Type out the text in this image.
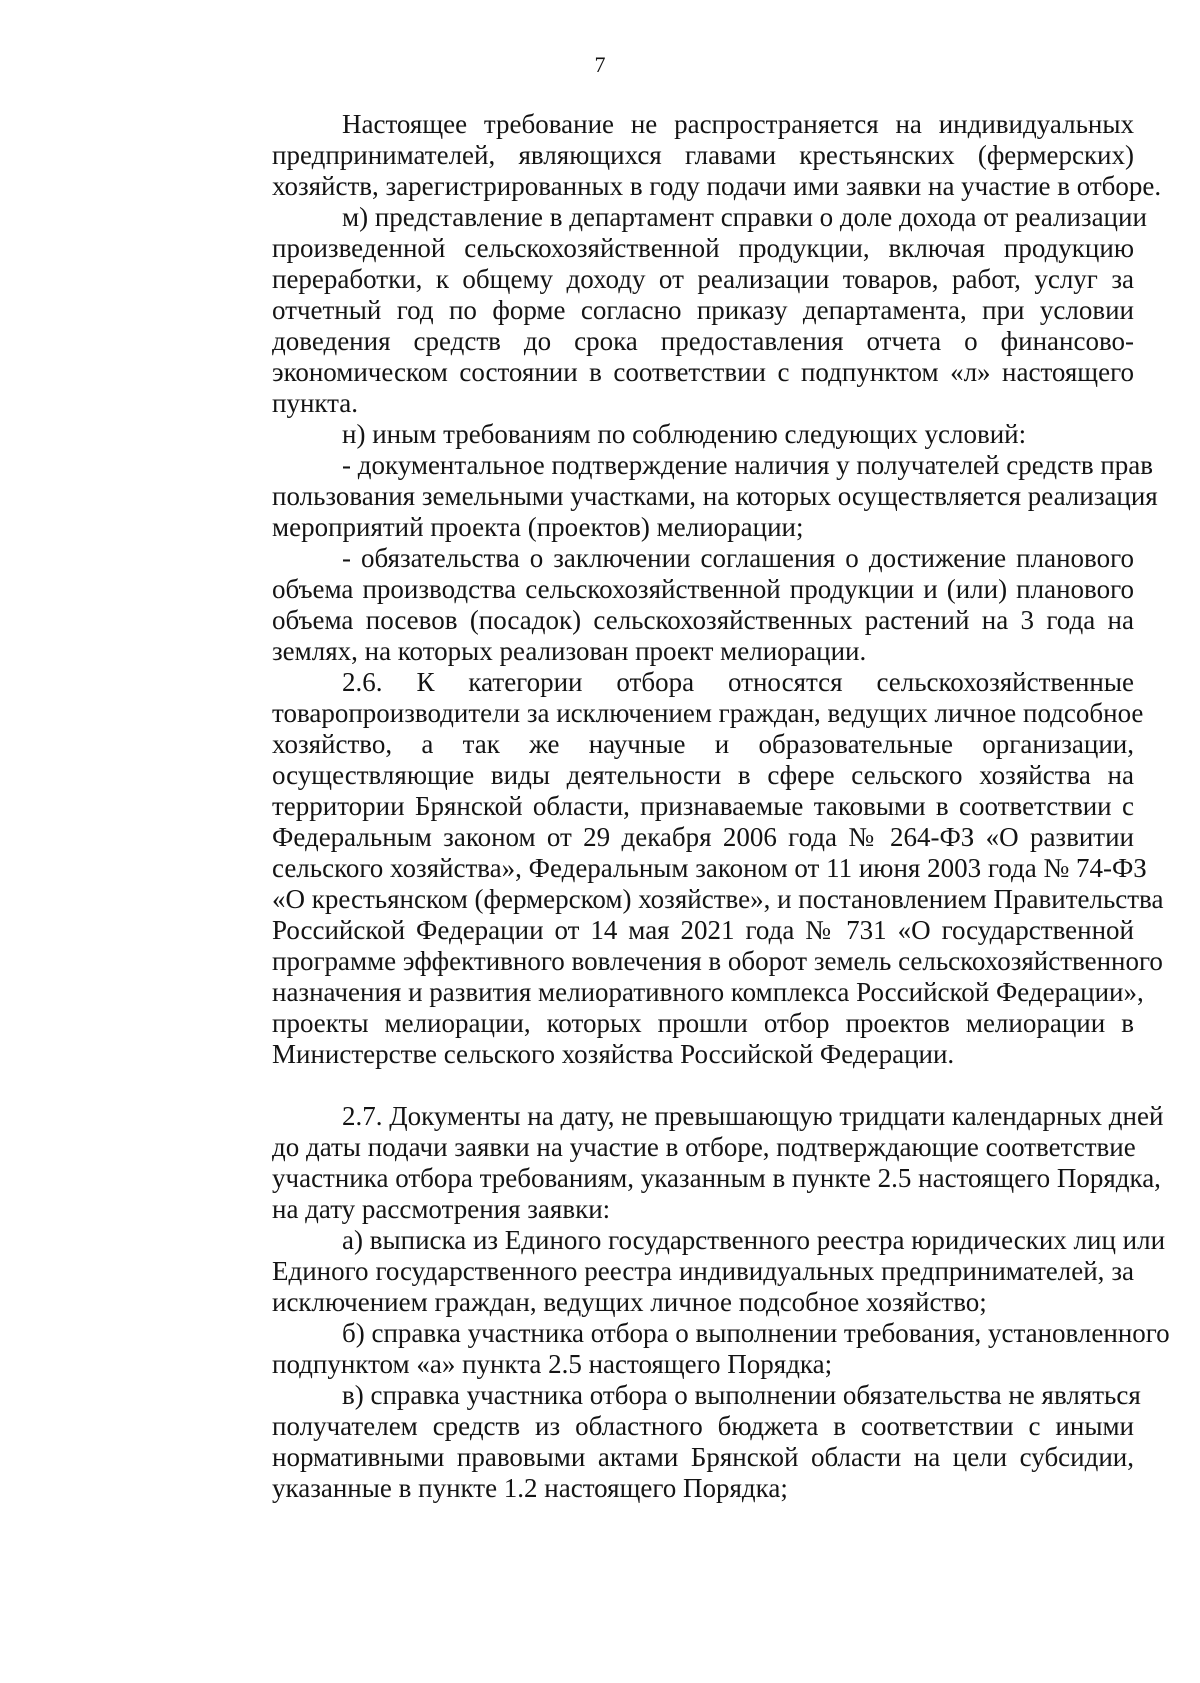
7
Настоящее требование не распространяется на индивидуальных
предпринимателей, являющихся главами крестьянских (фермерских)
хозяйств, зарегистрированных в году подачи ими заявки на участие в отборе.
м) представление в департамент справки о доле дохода от реализации
произведенной сельскохозяйственной продукции, включая продукцию
переработки, к общему доходу от реализации товаров, работ, услуг за
отчетный год по форме согласно приказу департамента, при условии
доведения средств до срока предоставления отчета о финансово-
экономическом состоянии в соответствии с подпунктом «л» настоящего
пункта.
н) иным требованиям по соблюдению следующих условий:
- документальное подтверждение наличия у получателей средств прав
пользования земельными участками, на которых осуществляется реализация
мероприятий проекта (проектов) мелиорации;
- обязательства о заключении соглашения о достижение планового
объема производства сельскохозяйственной продукции и (или) планового
объема посевов (посадок) сельскохозяйственных растений на 3 года на
землях, на которых реализован проект мелиорации.
2.6. К категории отбора относятся сельскохозяйственные
товаропроизводители за исключением граждан, ведущих личное подсобное
хозяйство, а так же научные и образовательные организации,
осуществляющие виды деятельности в сфере сельского хозяйства на
территории Брянской области, признаваемые таковыми в соответствии с
Федеральным законом от 29 декабря 2006 года № 264-ФЗ «О развитии
сельского хозяйства», Федеральным законом от 11 июня 2003 года № 74-ФЗ
«О крестьянском (фермерском) хозяйстве», и постановлением Правительства
Российской Федерации от 14 мая 2021 года № 731 «О государственной
программе эффективного вовлечения в оборот земель сельскохозяйственного
назначения и развития мелиоративного комплекса Российской Федерации»,
проекты мелиорации, которых прошли отбор проектов мелиорации в
Министерстве сельского хозяйства Российской Федерации.
2.7. Документы на дату, не превышающую тридцати календарных дней
до даты подачи заявки на участие в отборе, подтверждающие соответствие
участника отбора требованиям, указанным в пункте 2.5 настоящего Порядка,
на дату рассмотрения заявки:
а) выписка из Единого государственного реестра юридических лиц или
Единого государственного реестра индивидуальных предпринимателей, за
исключением граждан, ведущих личное подсобное хозяйство;
б) справка участника отбора о выполнении требования, установленного
подпунктом «а» пункта 2.5 настоящего Порядка;
в) справка участника отбора о выполнении обязательства не являться
получателем средств из областного бюджета в соответствии с иными
нормативными правовыми актами Брянской области на цели субсидии,
указанные в пункте 1.2 настоящего Порядка;
